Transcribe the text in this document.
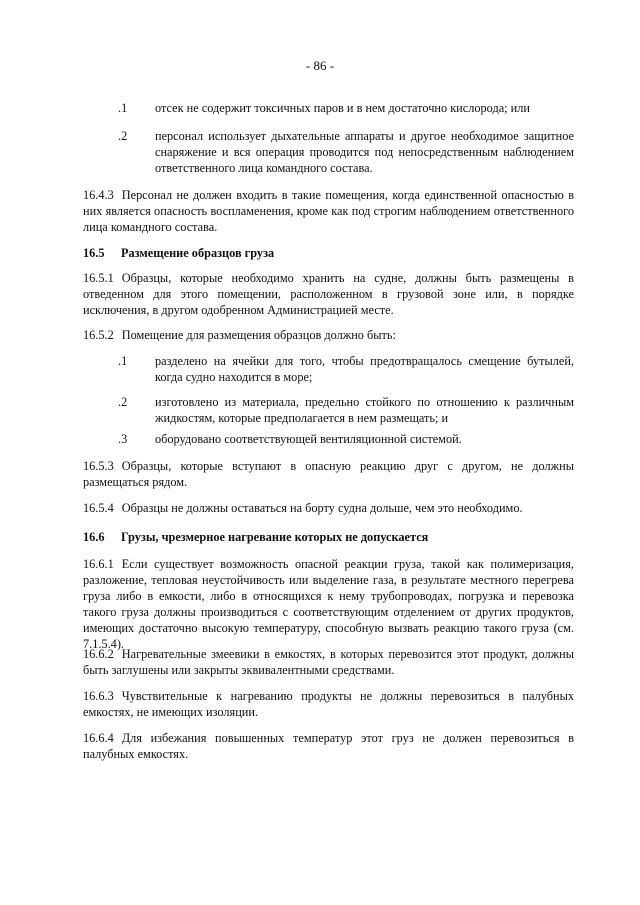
- 86 -
.1 отсек не содержит токсичных паров и в нем достаточно кислорода; или
.2 персонал использует дыхательные аппараты и другое необходимое защитное снаряжение и вся операция проводится под непосредственным наблюдением ответственного лица командного состава.
16.4.3 Персонал не должен входить в такие помещения, когда единственной опасностью в них является опасность воспламенения, кроме как под строгим наблюдением ответственного лица командного состава.
16.5 Размещение образцов груза
16.5.1 Образцы, которые необходимо хранить на судне, должны быть размещены в отведенном для этого помещении, расположенном в грузовой зоне или, в порядке исключения, в другом одобренном Администрацией месте.
16.5.2 Помещение для размещения образцов должно быть:
.1 разделено на ячейки для того, чтобы предотвращалось смещение бутылей, когда судно находится в море;
.2 изготовлено из материала, предельно стойкого по отношению к различным жидкостям, которые предполагается в нем размещать; и
.3 оборудовано соответствующей вентиляционной системой.
16.5.3 Образцы, которые вступают в опасную реакцию друг с другом, не должны размещаться рядом.
16.5.4 Образцы не должны оставаться на борту судна дольше, чем это необходимо.
16.6 Грузы, чрезмерное нагревание которых не допускается
16.6.1 Если существует возможность опасной реакции груза, такой как полимеризация, разложение, тепловая неустойчивость или выделение газа, в результате местного перегрева груза либо в емкости, либо в относящихся к нему трубопроводах, погрузка и перевозка такого груза должны производиться с соответствующим отделением от других продуктов, имеющих достаточно высокую температуру, способную вызвать реакцию такого груза (см. 7.1.5.4).
16.6.2 Нагревательные змеевики в емкостях, в которых перевозится этот продукт, должны быть заглушены или закрыты эквивалентными средствами.
16.6.3 Чувствительные к нагреванию продукты не должны перевозиться в палубных емкостях, не имеющих изоляции.
16.6.4 Для избежания повышенных температур этот груз не должен перевозиться в палубных емкостях.
